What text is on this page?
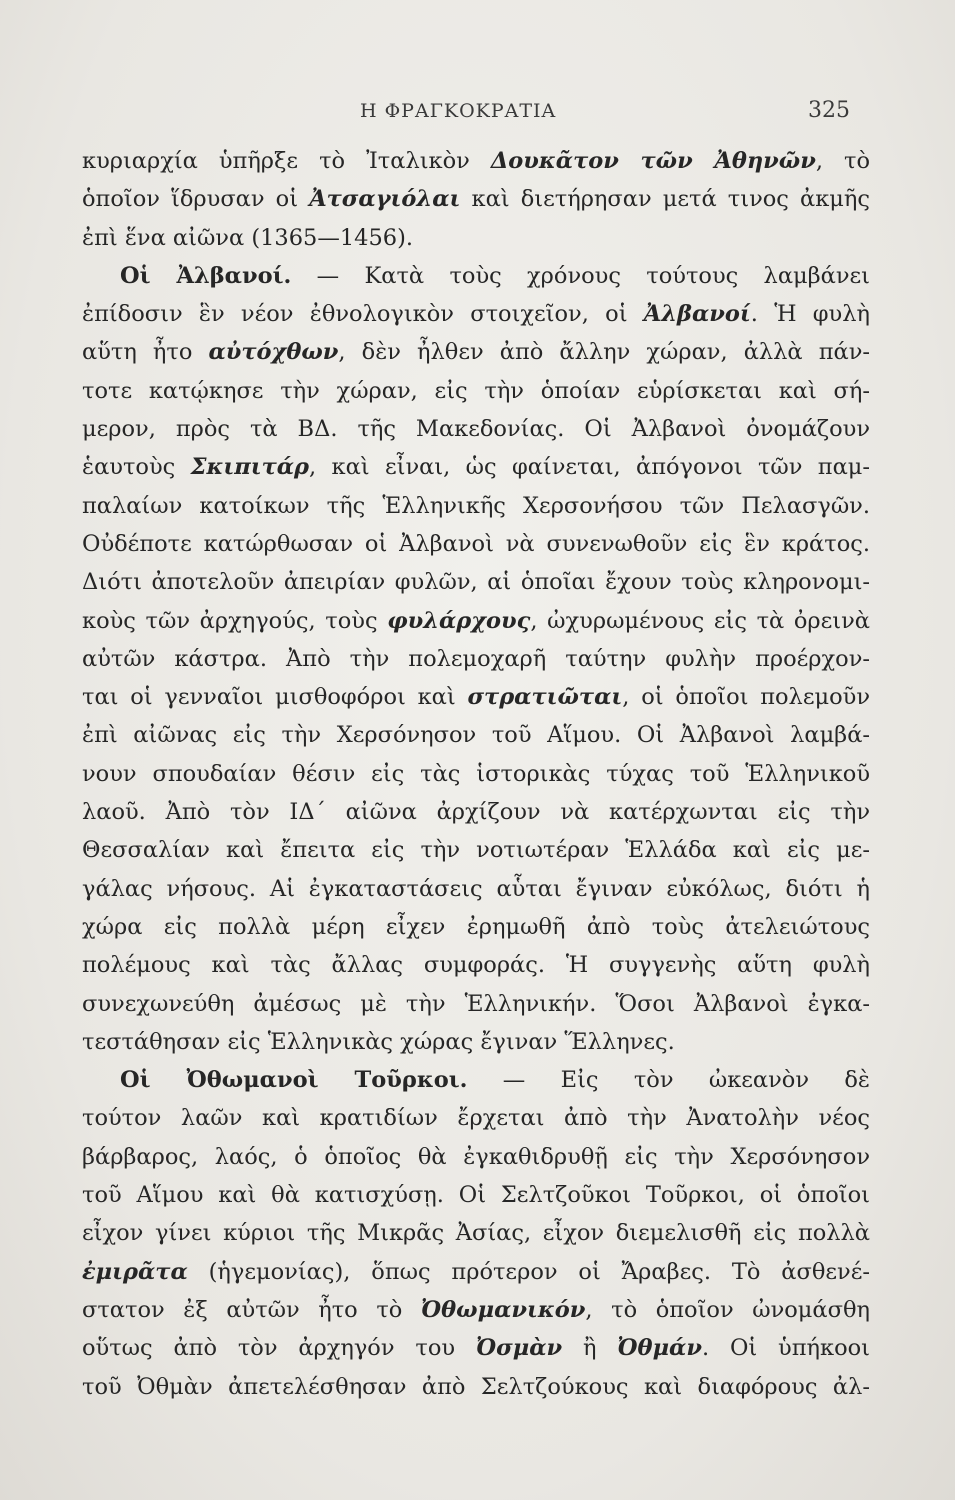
Η ΦΡΑΓΚΟΚΡΑΤΙΑ	325
κυριαρχία ὑπῆρξε τὸ Ἰταλικὸν Δουκᾶτον τῶν Ἀθηνῶν, τὸ
ὁποῖον ἵδρυσαν οἱ Ἀτσαγιόλαι καὶ διετήρησαν μετά τινος ἀκμῆς
ἐπὶ ἕνα αἰῶνα (1365—1456).
Οἱ Ἀλβανοί. — Κατὰ τοὺς χρόνους τούτους λαμβάνει
ἐπίδοσιν ἓν νέον ἐθνολογικὸν στοιχεῖον, οἱ Ἀλβανοί. Ἡ φυλὴ
αὕτη ἦτο αὐτόχθων, δὲν ἦλθεν ἀπὸ ἄλλην χώραν, ἀλλὰ πάν-
τοτε κατῴκησε τὴν χώραν, εἰς τὴν ὁποίαν εὑρίσκεται καὶ σή-
μερον, πρὸς τὰ ΒΔ. τῆς Μακεδονίας. Οἱ Ἀλβανοὶ ὀνομάζουν
ἑαυτοὺς Σκιπιτάρ, καὶ εἶναι, ὡς φαίνεται, ἀπόγονοι τῶν παμ-
παλαίων κατοίκων τῆς Ἑλληνικῆς Χερσονήσου τῶν Πελασγῶν.
Οὐδέποτε κατώρθωσαν οἱ Ἀλβανοὶ νὰ συνενωθοῦν εἰς ἓν κράτος.
Διότι ἀποτελοῦν ἀπειρίαν φυλῶν, αἱ ὁποῖαι ἔχουν τοὺς κληρονομι-
κοὺς τῶν ἀρχηγούς, τοὺς φυλάρχους, ὠχυρωμένους εἰς τὰ ὀρεινὰ
αὐτῶν κάστρα. Ἀπὸ τὴν πολεμοχαρῆ ταύτην φυλὴν προέρχον-
ται οἱ γενναῖοι μισθοφόροι καὶ στρατιῶται, οἱ ὁποῖοι πολεμοῦν
ἐπὶ αἰῶνας εἰς τὴν Χερσόνησον τοῦ Αἵμου. Οἱ Ἀλβανοὶ λαμβά-
νουν σπουδαίαν θέσιν εἰς τὰς ἱστορικὰς τύχας τοῦ Ἑλληνικοῦ
λαοῦ. Ἀπὸ τὸν ΙΔ΄ αἰῶνα ἀρχίζουν νὰ κατέρχωνται εἰς τὴν
Θεσσαλίαν καὶ ἔπειτα εἰς τὴν νοτιωτέραν Ἑλλάδα καὶ εἰς με-
γάλας νήσους. Αἱ ἐγκαταστάσεις αὗται ἔγιναν εὐκόλως, διότι ἡ
χώρα εἰς πολλὰ μέρη εἶχεν ἐρημωθῆ ἀπὸ τοὺς ἀτελειώτους
πολέμους καὶ τὰς ἄλλας συμφοράς. Ἡ συγγενὴς αὕτη φυλὴ
συνεχωνεύθη ἀμέσως μὲ τὴν Ἑλληνικήν. Ὅσοι Ἀλβανοὶ ἐγκα-
τεστάθησαν εἰς Ἑλληνικὰς χώρας ἔγιναν Ἕλληνες.
Οἱ Ὀθωμανοὶ Τοῦρκοι. — Εἰς τὸν ὠκεανὸν δὲ
τούτον λαῶν καὶ κρατιδίων ἔρχεται ἀπὸ τὴν Ἀνατολὴν νέος
βάρβαρος, λαός, ὁ ὁποῖος θὰ ἐγκαθιδρυθῇ εἰς τὴν Χερσόνησον
τοῦ Αἵμου καὶ θὰ κατισχύσῃ. Οἱ Σελτζοῦκοι Τοῦρκοι, οἱ ὁποῖοι
εἶχον γίνει κύριοι τῆς Μικρᾶς Ἀσίας, εἶχον διεμελισθῆ εἰς πολλὰ
ἐμιρᾶτα (ἡγεμονίας), ὅπως πρότερον οἱ Ἄραβες. Τὸ ἀσθενέ-
στατον ἐξ αὐτῶν ἦτο τὸ Ὀθωμανικόν, τὸ ὁποῖον ὠνομάσθη
οὕτως ἀπὸ τὸν ἀρχηγόν του Ὀσμὰν ἢ Ὀθμάν. Οἱ ὑπήκοοι
τοῦ Ὀθμὰν ἀπετελέσθησαν ἀπὸ Σελτζούκους καὶ διαφόρους ἀλ-
